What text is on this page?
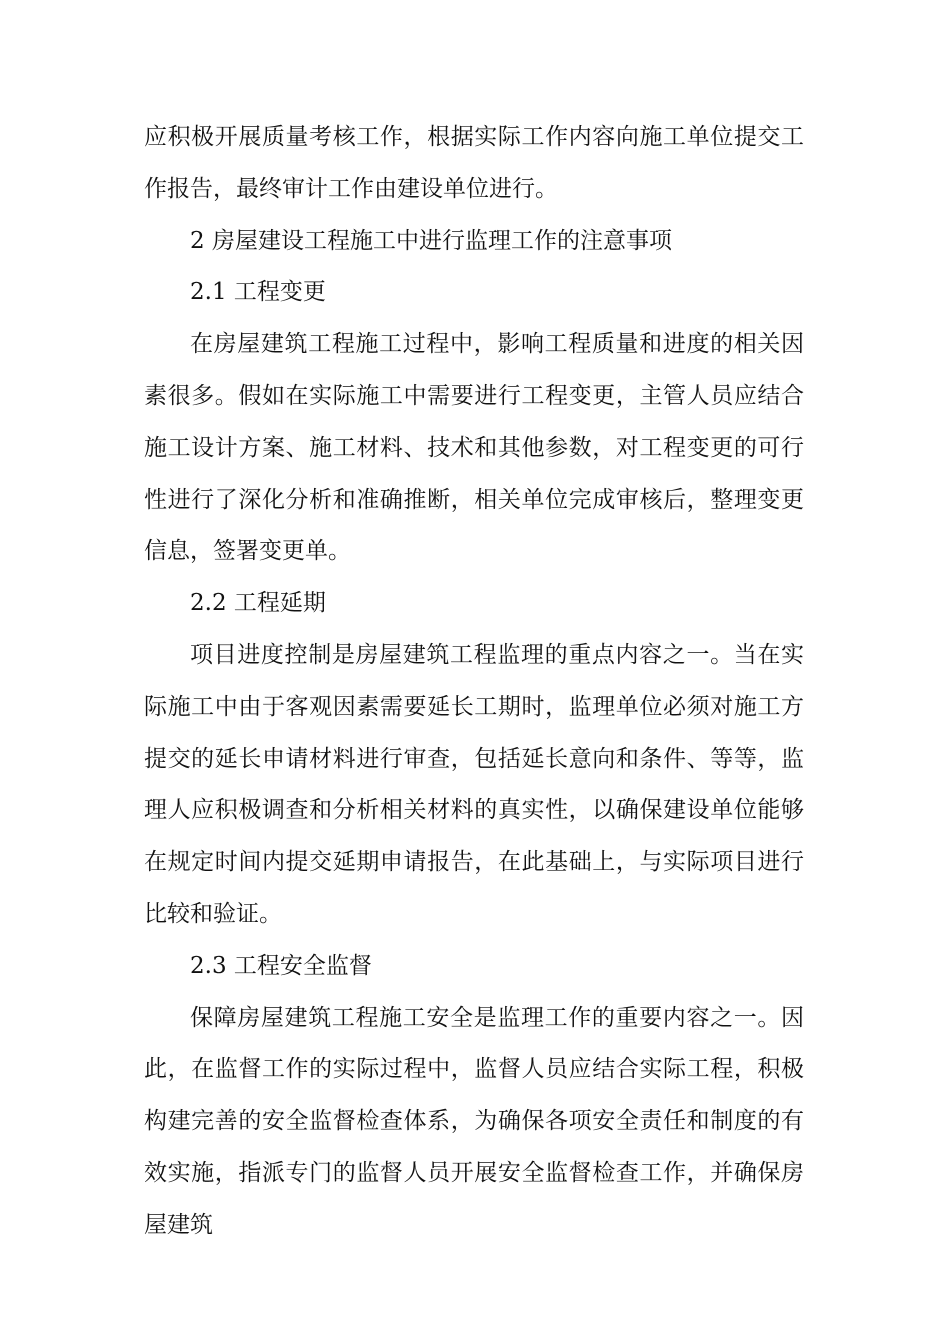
应积极开展质量考核工作，根据实际工作内容向施工单位提交工作报告，最终审计工作由建设单位进行。

2 房屋建设工程施工中进行监理工作的注意事项

2.1 工程变更

在房屋建筑工程施工过程中，影响工程质量和进度的相关因素很多。假如在实际施工中需要进行工程变更，主管人员应结合施工设计方案、施工材料、技术和其他参数，对工程变更的可行性进行了深化分析和准确推断，相关单位完成审核后，整理变更信息，签署变更单。

2.2 工程延期

项目进度控制是房屋建筑工程监理的重点内容之一。当在实际施工中由于客观因素需要延长工期时，监理单位必须对施工方提交的延长申请材料进行审查，包括延长意向和条件、等等，监理人应积极调查和分析相关材料的真实性，以确保建设单位能够在规定时间内提交延期申请报告，在此基础上，与实际项目进行比较和验证。

2.3 工程安全监督

保障房屋建筑工程施工安全是监理工作的重要内容之一。因此，在监督工作的实际过程中，监督人员应结合实际工程，积极构建完善的安全监督检查体系，为确保各项安全责任和制度的有效实施，指派专门的监督人员开展安全监督检查工作，并确保房屋建筑
